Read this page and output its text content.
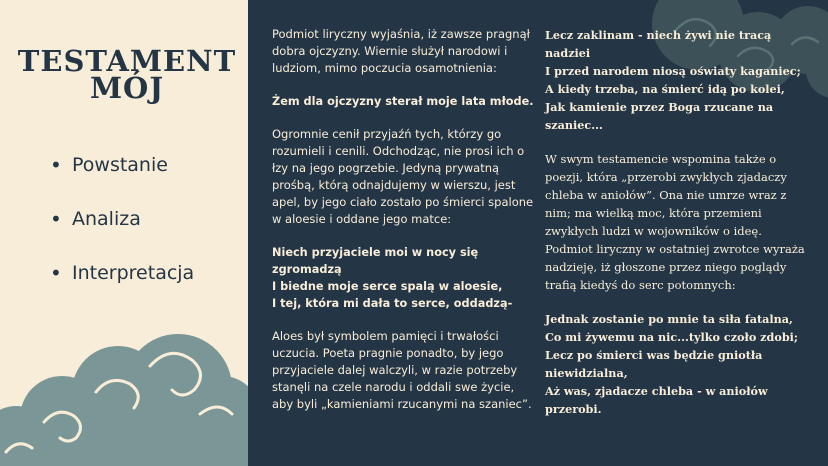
TESTAMENT
MÓJ
• Powstanie
• Analiza
• Interpretacja

Podmiot liryczny wyjaśnia, iż zawsze pragnął dobra ojczyzny. Wiernie służył narodowi i ludziom, mimo poczucia osamotnienia:

Żem dla ojczyzny sterał moje lata młode.

Ogromnie cenił przyjaźń tych, którzy go rozumieli i cenili. Odchodząc, nie prosi ich o łzy na jego pogrzebie. Jedyną prywatną prośbą, którą odnajdujemy w wierszu, jest apel, by jego ciało zostało po śmierci spalone w aloesie i oddane jego matce:

Niech przyjaciele moi w nocy się zgromadzą
I biedne moje serce spalą w aloesie,
I tej, która mi dała to serce, oddadzą-

Aloes był symbolem pamięci i trwałości uczucia. Poeta pragnie ponadto, by jego przyjaciele dalej walczyli, w razie potrzeby stanęli na czele narodu i oddali swe życie, aby byli „kamieniami rzucanymi na szaniec”.

Lecz zaklinam - niech żywi nie tracą nadziei
I przed narodem niosą oświaty kaganiec;
A kiedy trzeba, na śmierć idą po kolei,
Jak kamienie przez Boga rzucane na szaniec...

W swym testamencie wspomina także o poezji, która „przerobi zwykłych zjadaczy chleba w aniołów”. Ona nie umrze wraz z nim; ma wielką moc, która przemieni zwykłych ludzi w wojowników o ideę. Podmiot liryczny w ostatniej zwrotce wyraża nadzieję, iż głoszone przez niego poglądy trafią kiedyś do serc potomnych:

Jednak zostanie po mnie ta siła fatalna,
Co mi żywemu na nic...tylko czoło zdobi;
Lecz po śmierci was będzie gniotła niewidzialna,
Aż was, zjadacze chleba - w aniołów przerobi.
